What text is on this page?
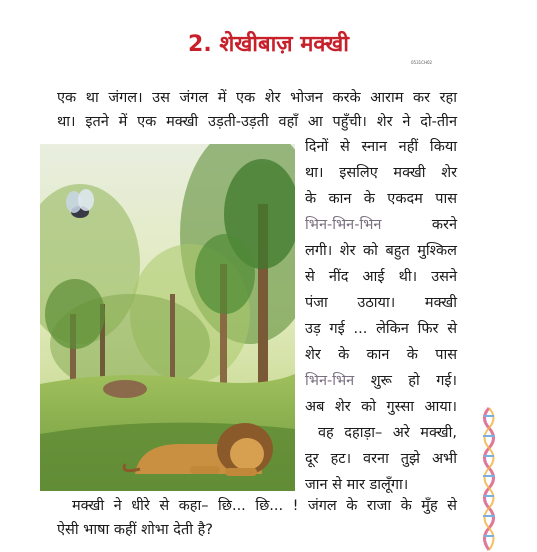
2. शेखीबाज़ मक्खी
0531CH02
एक था जंगल। उस जंगल में एक शेर भोजन करके आराम कर रहा
था। इतने में एक मक्खी उड़ती-उड़ती वहाँ आ पहुँची। शेर ने दो-तीन
दिनों से स्नान नहीं किया
था। इसलिए मक्खी शेर
के कान के एकदम पास
भिन-भिन-भिन	करने
लगी। शेर को बहुत मुश्किल
से नींद आई थी। उसने
पंजा उठाया। मक्खी
उड़ गई ... लेकिन फिर से
शेर के कान के पास
भिन-भिन शुरू हो गई।
अब शेर को गुस्सा आया।
वह दहाड़ा– अरे मक्खी,
दूर हट। वरना तुझे अभी
जान से मार डालूँगा।
मक्खी ने धीरे से कहा– छि... छि... ! जंगल के राजा के मुँह से
ऐसी भाषा कहीं शोभा देती है?
